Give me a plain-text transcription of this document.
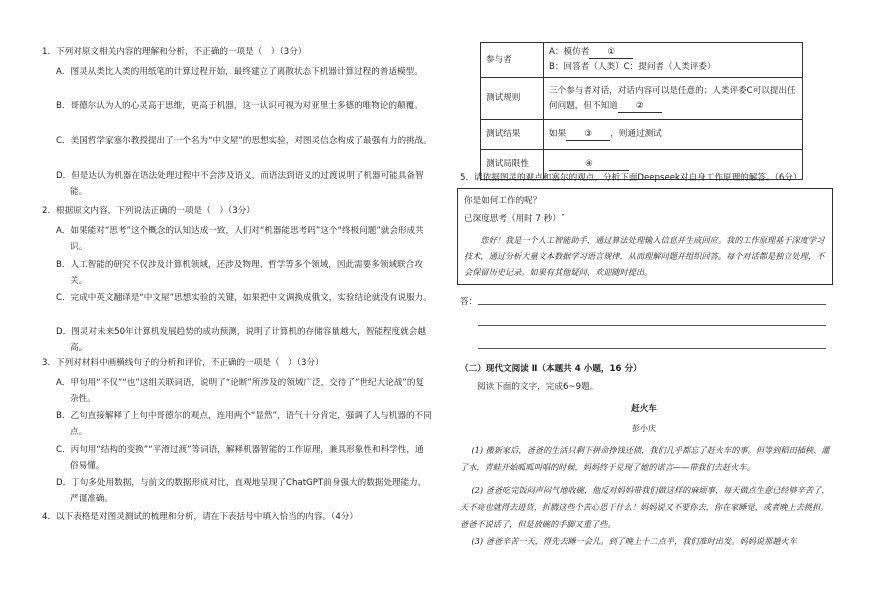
1．下列对原文相关内容的理解和分析，不正确的一项是（　）（3分）
A．图灵从类比人类的用纸笔的计算过程开始，最终建立了离散状态下机器计算过程的普适模型。
B．哥德尔认为人的心灵高于思维，更高于机器，这一认识可视为对亚里士多德的唯物论的颠覆。
C．美国哲学家塞尔教授提出了一个名为“中文屋”的思想实验，对图灵信念构成了最强有力的挑战。
D．但是达认为机器在语法处理过程中不会涉及语义，而语法到语义的过渡说明了机器可能具备智能。
2．根据原文内容，下列说法正确的一项是（　）（3分）
A．如果能对“思考”这个概念的认知达成一致，人们对“机器能思考吗”这个“终极问题”就会形成共识。
B．人工智能的研究不仅涉及计算机领域，还涉及物理、哲学等多个领域，因此需要多领域联合攻关。
C．完成中英文翻译是“中文屋”思想实验的关键，如果把中文调换成俄文，实验结论就没有说服力。
D．图灵对未来50年计算机发展趋势的成功预测，说明了计算机的存储容量越大，智能程度就会越高。
3．下列对材料中画横线句子的分析和评价，不正确的一项是（　）（3分）
A．甲句用“不仅”“也”这组关联词语，说明了“论断”所涉及的领域广泛，交待了“世纪大论战”的复杂性。
B．乙句直接解释了上句中哥德尔的观点，连用两个“显然”，语气十分肯定，强调了人与机器的不同点。
C．丙句用“结构的变换”“平滑过渡”等词语，解释机器智能的工作原理，兼具形象性和科学性，通俗易懂。
D．丁句多处用数据，与前文的数据形成对比，直观地呈现了ChatGPT前身强大的数据处理能力，严谨准确。
4．以下表格是对图灵测试的梳理和分析，请在下表括号中填入恰当的内容。（4分）
参与者	A：模仿者 ①B：回答者（人类）C：提问者（人类评委）
测试规则	三个参与者对话，对话内容可以是任意的；人类评委C可以提出任何问题，但不知道 ②
测试结果	如果 ③ ，则通过测试
测试局限性	④
5．请依据图灵的观点和塞尔的观点，分析下面Deepseek对自身工作原理的解答。（6分）
你是如何工作的呢？
已深度思考（用时 7 秒）ˇ
您好！我是一个人工智能助手，通过算法处理输入信息并生成回应。我的工作原理基于深度学习技术，通过分析大量文本数据学习语言规律，从而理解问题并组织回答。每个对话都是独立处理，不会保留历史记录。如果有其他疑问，欢迎随时提出。
答：
（二）现代文阅读 Ⅱ（本题共 4 小题，16 分）
阅读下面的文字，完成6~9题。
赶火车
彭小庆
(1) 搬新家后，爸爸的生活只剩下拼命挣钱还债，我们几乎都忘了赶火车的事。但等到稻田插秧、灌了水，青蛙开始呱呱叫唱的时候，妈妈终于兑现了她的诺言——带我们去赶火车。
(2) 爸爸吃完饭闷声闷气地收碗，他反对妈妈带我们做这样的麻烦事，每天做点生意已经够辛苦了，天不亮也就得去进货，折腾这些个苦心思干什么！妈妈说又不要你去，你在家睡觉，或者晚上去挑担。爸爸不说话了，但是放碗的手脚又重了些。
(3) 爸爸辛苦一天，得先去睡一会儿。到了晚上十二点半，我们准时出发。妈妈说那趟火车
